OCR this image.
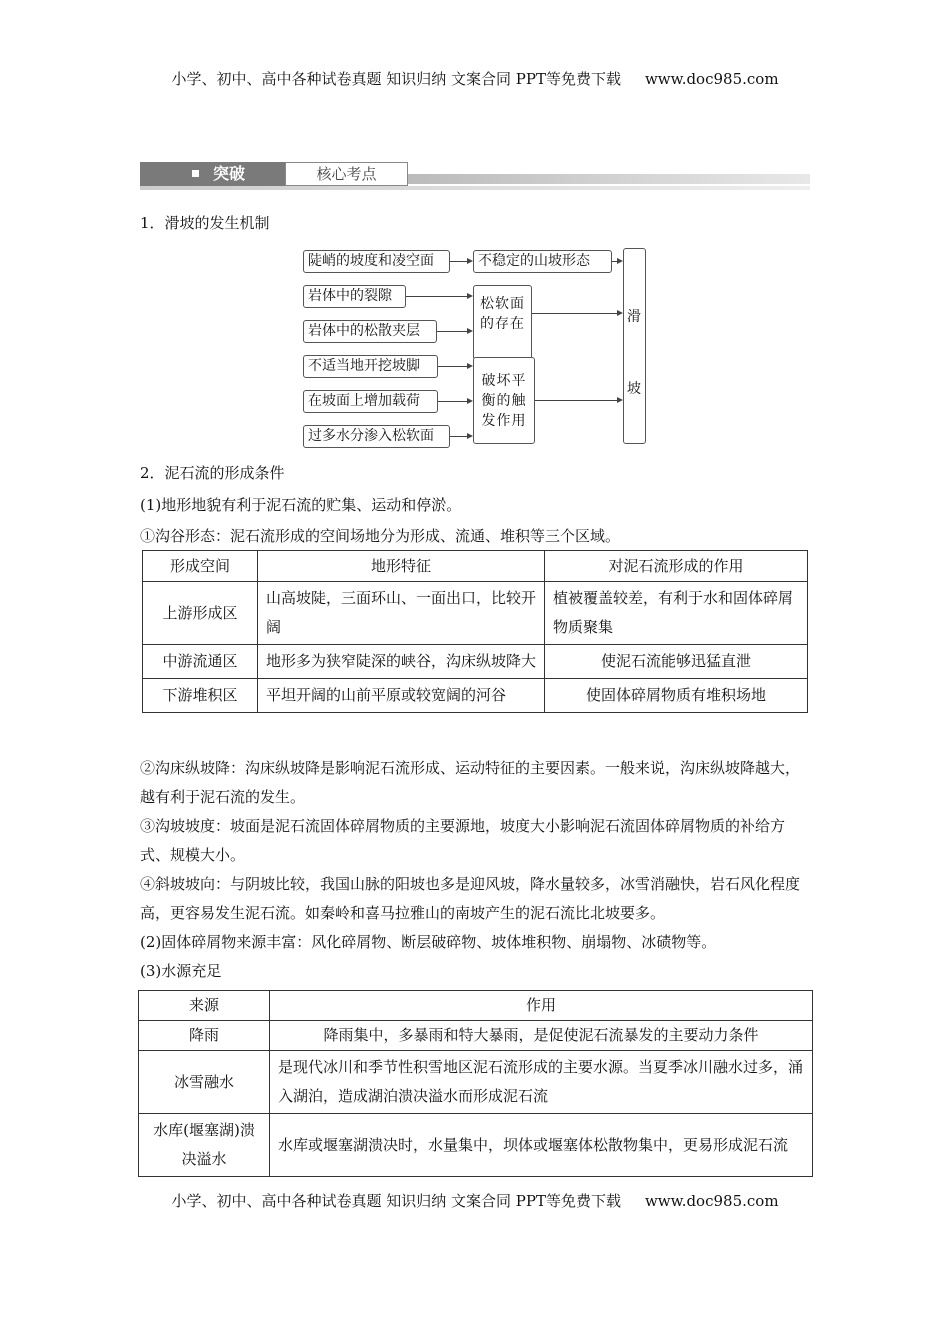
小学、初中、高中各种试卷真题 知识归纳 文案合同 PPT等免费下载 www.doc985.com
突破	核心考点
1．滑坡的发生机制
陡峭的坡度和凌空面	不稳定的山坡形态
岩体中的裂隙
岩体中的松散夹层
松软面的存在
不适当地开挖坡脚
在坡面上增加载荷
过多水分渗入松软面
破坏平衡的触发作用
滑
坡
2．泥石流的形成条件
(1)地形地貌有利于泥石流的贮集、运动和停淤。
①沟谷形态：泥石流形成的空间场地分为形成、流通、堆积等三个区域。
形成空间	地形特征	对泥石流形成的作用
上游形成区	山高坡陡，三面环山、一面出口，比较开阔	植被覆盖较差，有利于水和固体碎屑物质聚集
中游流通区	地形多为狭窄陡深的峡谷，沟床纵坡降大	使泥石流能够迅猛直泄
下游堆积区	平坦开阔的山前平原或较宽阔的河谷	使固体碎屑物质有堆积场地
②沟床纵坡降：沟床纵坡降是影响泥石流形成、运动特征的主要因素。一般来说，沟床纵坡降越大，越有利于泥石流的发生。
③沟坡坡度：坡面是泥石流固体碎屑物质的主要源地，坡度大小影响泥石流固体碎屑物质的补给方式、规模大小。
④斜坡坡向：与阴坡比较，我国山脉的阳坡也多是迎风坡，降水量较多，冰雪消融快，岩石风化程度高，更容易发生泥石流。如秦岭和喜马拉雅山的南坡产生的泥石流比北坡要多。
(2)固体碎屑物来源丰富：风化碎屑物、断层破碎物、坡体堆积物、崩塌物、冰碛物等。
(3)水源充足
来源	作用
降雨	降雨集中，多暴雨和特大暴雨，是促使泥石流暴发的主要动力条件
冰雪融水	是现代冰川和季节性积雪地区泥石流形成的主要水源。当夏季冰川融水过多，涌入湖泊，造成湖泊溃决溢水而形成泥石流
水库(堰塞湖)溃决溢水	水库或堰塞湖溃决时，水量集中，坝体或堰塞体松散物集中，更易形成泥石流
小学、初中、高中各种试卷真题 知识归纳 文案合同 PPT等免费下载 www.doc985.com
